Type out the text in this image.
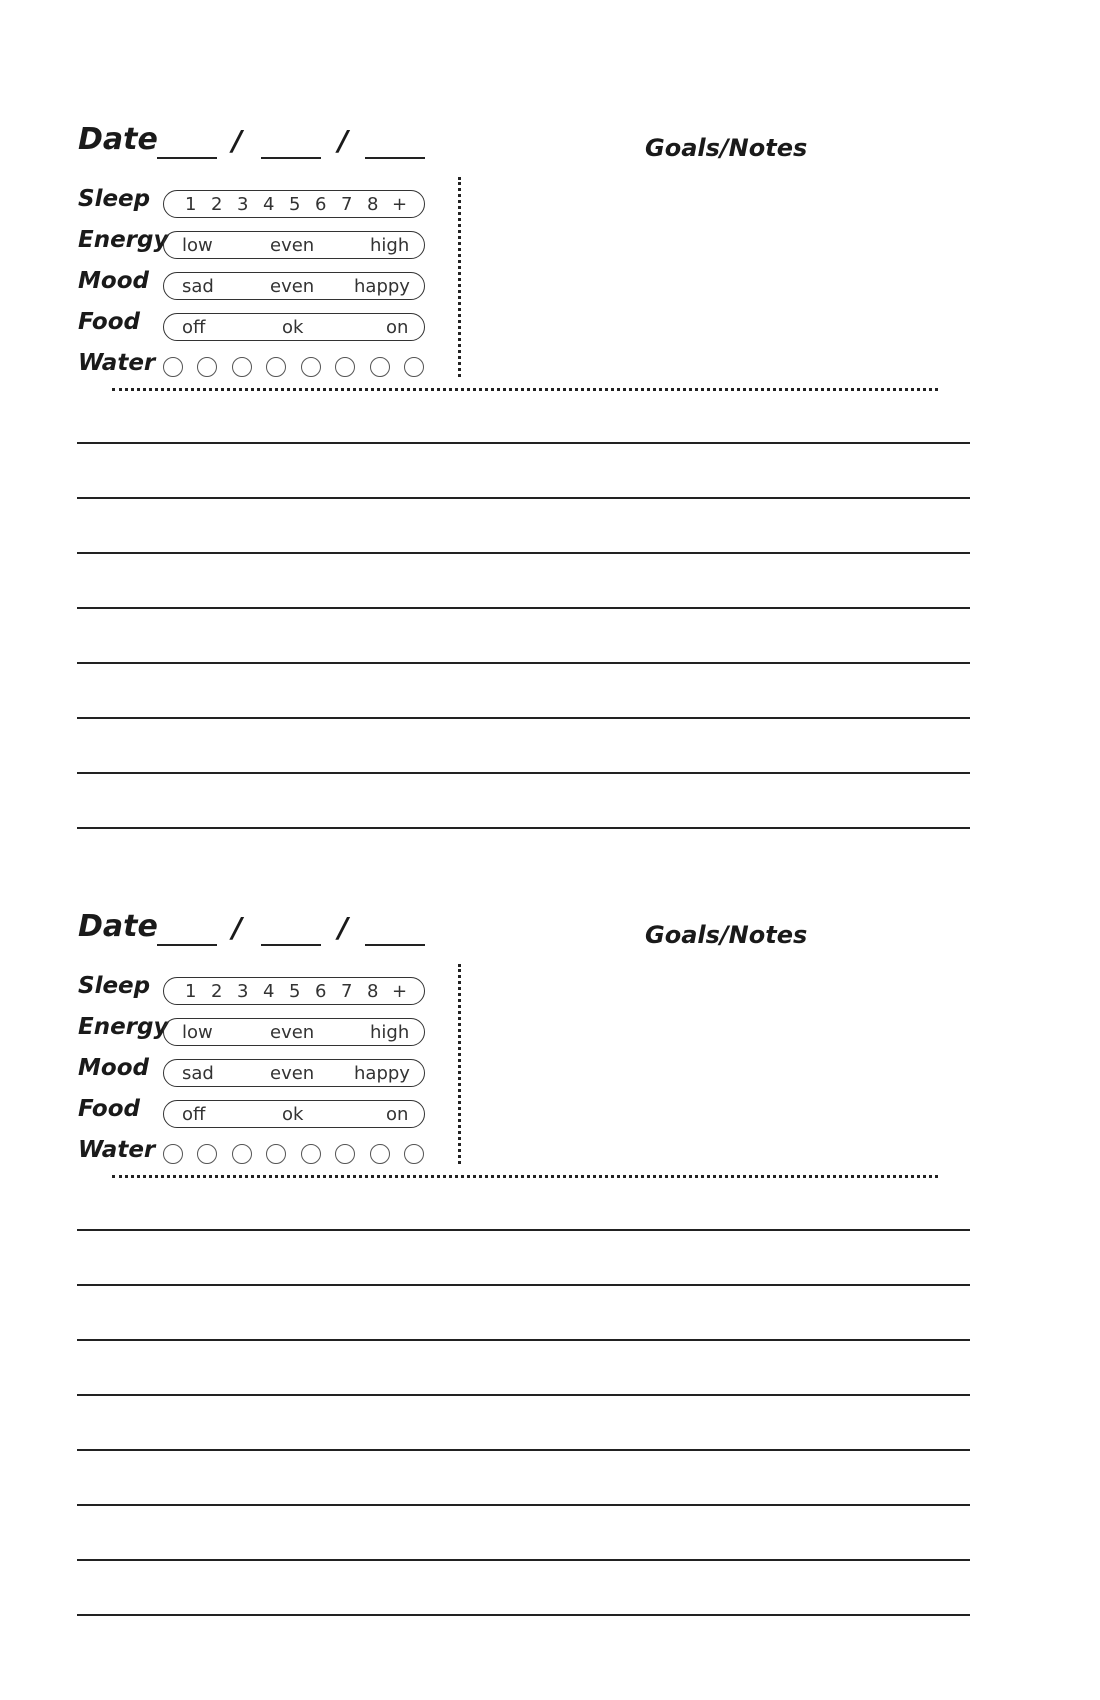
Date	/	/	Goals/Notes
Sleep 1 2 3 4 5 6 7 8 +
Energy low	even	high
Mood sad	even happy
Food off	ok	on
Water
Date	/	/	Goals/Notes
Sleep 1 2 3 4 5 6 7 8 +
Energy low	even	high
Mood sad	even happy
Food off	ok	on
Water
